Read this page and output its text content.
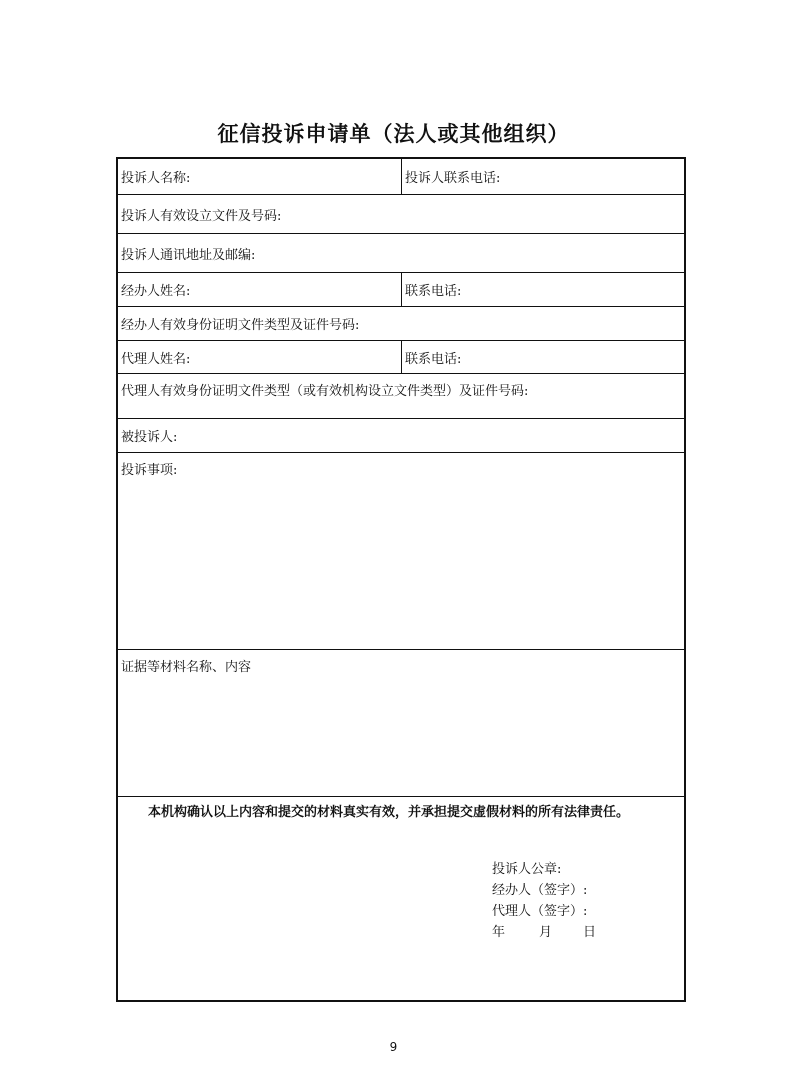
征信投诉申请单（法人或其他组织）
投诉人名称:	投诉人联系电话:
投诉人有效设立文件及号码:
投诉人通讯地址及邮编:
经办人姓名:	联系电话:
经办人有效身份证明文件类型及证件号码:
代理人姓名:	联系电话:
代理人有效身份证明文件类型（或有效机构设立文件类型）及证件号码:
被投诉人:
投诉事项:
证据等材料名称、内容
本机构确认以上内容和提交的材料真实有效，并承担提交虚假材料的所有法律责任。
投诉人公章:
经办人（签字）:
代理人（签字）:
年	月 日
9
